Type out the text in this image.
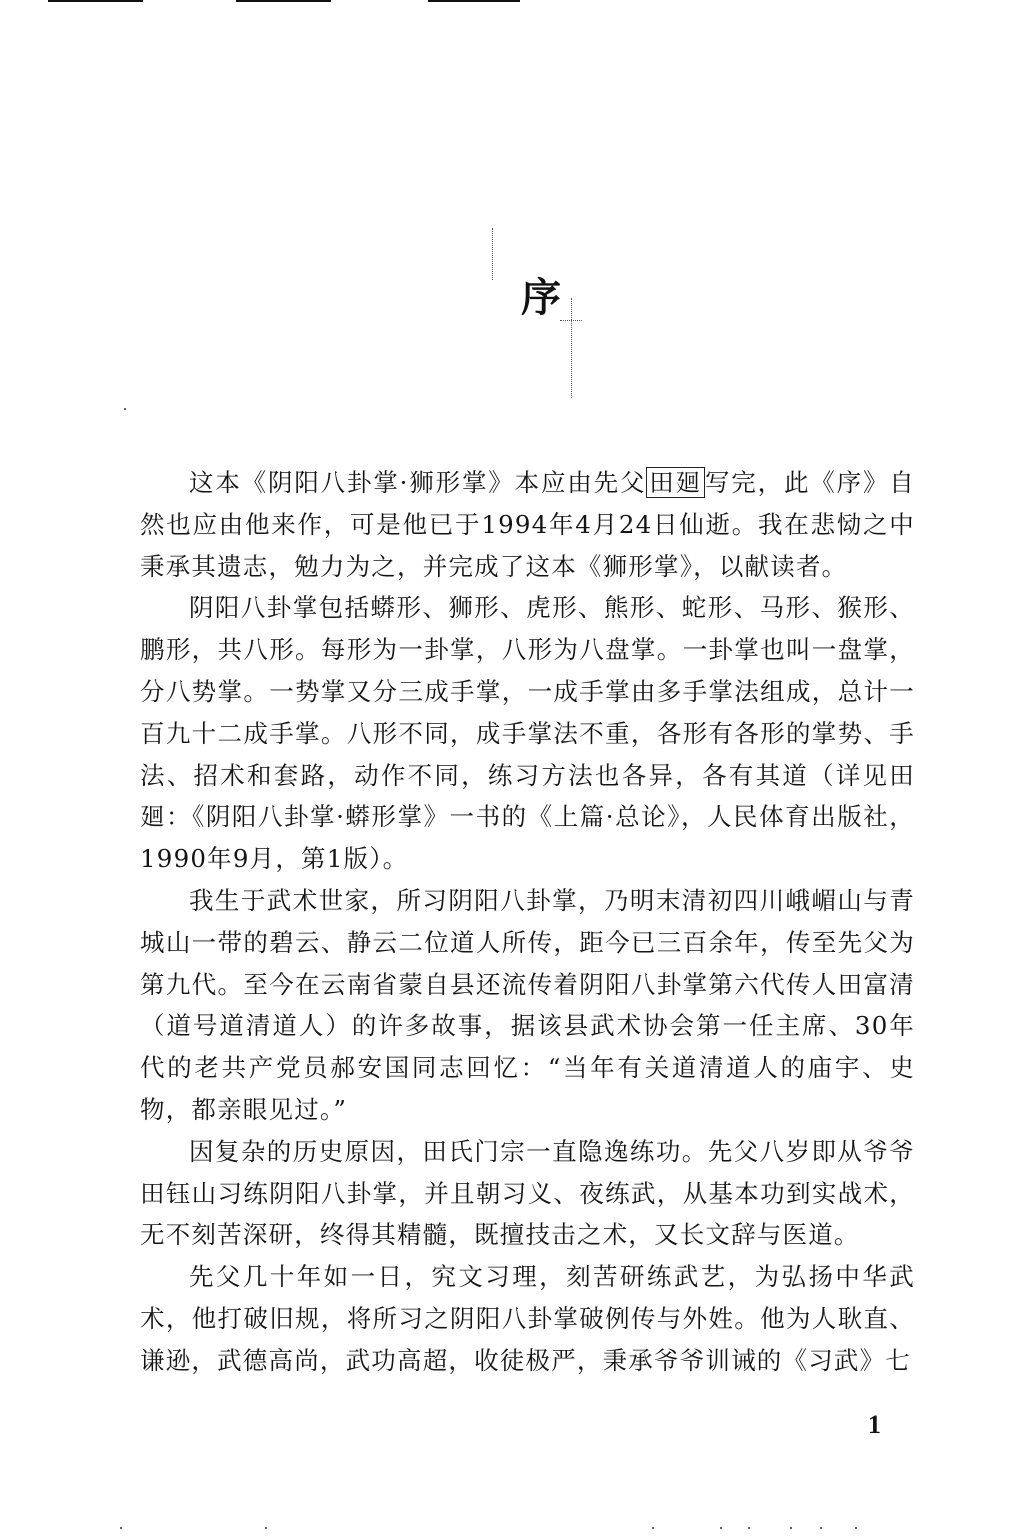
序

这本《阴阳八卦掌·狮形掌》本应由先父 田廻 写完，此《序》自然也应由他来作，可是他已于1994年4月24日仙逝。我在悲恸之中秉承其遗志，勉力为之，并完成了这本《狮形掌》，以献读者。

阴阳八卦掌包括蟒形、狮形、虎形、熊形、蛇形、马形、猴形、鹏形，共八形。每形为一卦掌，八形为八盘掌。一卦掌也叫一盘掌，分八势掌。一势掌又分三成手掌，一成手掌由多手掌法组成，总计一百九十二成手掌。八形不同，成手掌法不重，各形有各形的掌势、手法、招术和套路，动作不同，练习方法也各异，各有其道（详见田廻：《阴阳八卦掌·蟒形掌》一书的《上篇·总论》，人民体育出版社，1990年9月，第1版）。

我生于武术世家，所习阴阳八卦掌，乃明末清初四川峨嵋山与青城山一带的碧云、静云二位道人所传，距今已三百余年，传至先父为第九代。至今在云南省蒙自县还流传着阴阳八卦掌第六代传人田富清（道号道清道人）的许多故事，据该县武术协会第一任主席、30年代的老共产党员郝安国同志回忆：“当年有关道清道人的庙宇、史物，都亲眼见过。”

因复杂的历史原因，田氏门宗一直隐逸练功。先父八岁即从爷爷田钰山习练阴阳八卦掌，并且朝习义、夜练武，从基本功到实战术，无不刻苦深研，终得其精髓，既擅技击之术，又长文辞与医道。

先父几十年如一日，究文习理，刻苦研练武艺，为弘扬中华武术，他打破旧规，将所习之阴阳八卦掌破例传与外姓。他为人耿直、谦逊，武德高尚，武功高超，收徒极严，秉承爷爷训诫的《习武》七

1
